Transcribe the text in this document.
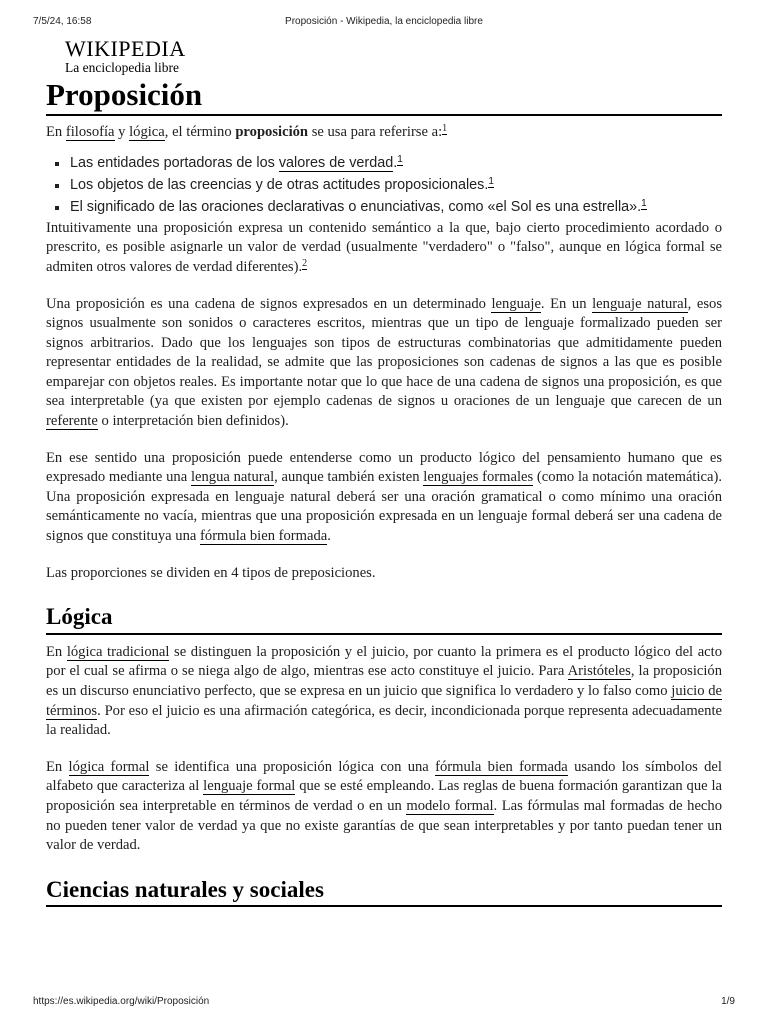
7/5/24, 16:58	Proposición - Wikipedia, la enciclopedia libre
WIKIPEDIA
La enciclopedia libre
Proposición

En filosofía y lógica, el término proposición se usa para referirse a:$^1$

Las entidades portadoras de los valores de verdad.$^1$
Los objetos de las creencias y de otras actitudes proposicionales.$^1$
El significado de las oraciones declarativas o enunciativas, como «el Sol es una estrella».$^1$

Intuitivamente una proposición expresa un contenido semántico a la que, bajo cierto procedimiento acordado o prescrito, es posible asignarle un valor de verdad (usualmente "verdadero" o "falso", aunque en lógica formal se admiten otros valores de verdad diferentes).$^2$

Una proposición es una cadena de signos expresados en un determinado lenguaje. En un lenguaje natural, esos signos usualmente son sonidos o caracteres escritos, mientras que un tipo de lenguaje formalizado pueden ser signos arbitrarios. Dado que los lenguajes son tipos de estructuras combinatorias que admitidamente pueden representar entidades de la realidad, se admite que las proposiciones son cadenas de signos a las que es posible emparejar con objetos reales. Es importante notar que lo que hace de una cadena de signos una proposición, es que sea interpretable (ya que existen por ejemplo cadenas de signos u oraciones de un lenguaje que carecen de un referente o interpretación bien definidos).

En ese sentido una proposición puede entenderse como un producto lógico del pensamiento humano que es expresado mediante una lengua natural, aunque también existen lenguajes formales (como la notación matemática). Una proposición expresada en lenguaje natural deberá ser una oración gramatical o como mínimo una oración semánticamente no vacía, mientras que una proposición expresada en un lenguaje formal deberá ser una cadena de signos que constituya una fórmula bien formada.

Las proporciones se dividen en 4 tipos de preposiciones.

Lógica

En lógica tradicional se distinguen la proposición y el juicio, por cuanto la primera es el producto lógico del acto por el cual se afirma o se niega algo de algo, mientras ese acto constituye el juicio. Para Aristóteles, la proposición es un discurso enunciativo perfecto, que se expresa en un juicio que significa lo verdadero y lo falso como juicio de términos. Por eso el juicio es una afirmación categórica, es decir, incondicionada porque representa adecuadamente la realidad.

En lógica formal se identifica una proposición lógica con una fórmula bien formada usando los símbolos del alfabeto que caracteriza al lenguaje formal que se esté empleando. Las reglas de buena formación garantizan que la proposición sea interpretable en términos de verdad o en un modelo formal. Las fórmulas mal formadas de hecho no pueden tener valor de verdad ya que no existe garantías de que sean interpretables y por tanto puedan tener un valor de verdad.

Ciencias naturales y sociales
https://es.wikipedia.org/wiki/Proposición	1/9
